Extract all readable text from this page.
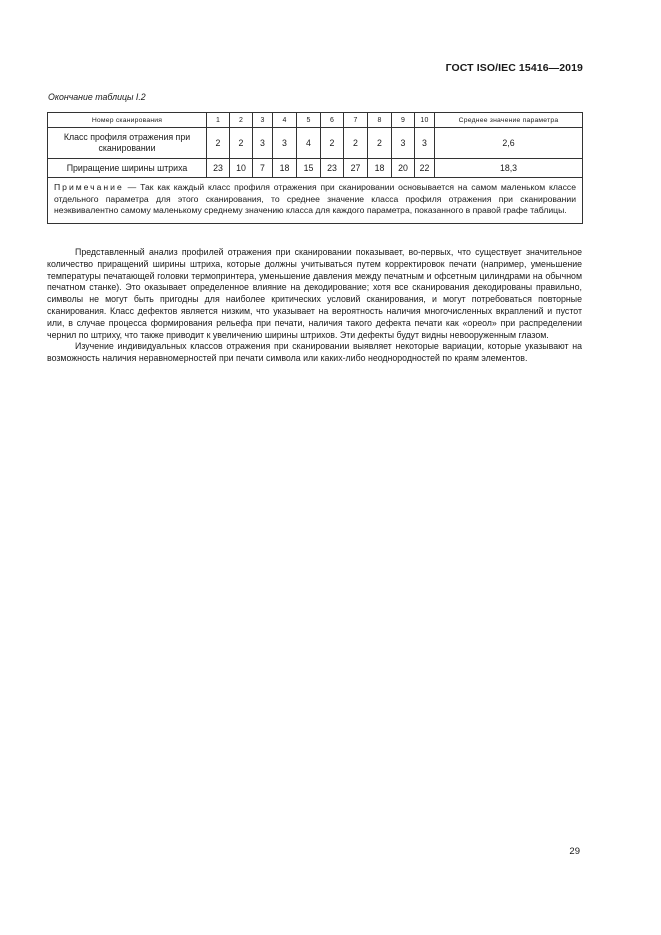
ГОСТ ISO/IEC 15416—2019
Окончание таблицы I.2
Номер сканирования	1	2	3	4	5	6	7	8	9	10	Среднее значение параметра
Класс профиля отражения при сканировании	2	2	3	3	4	2	2	2	3	3	2,6
Приращение ширины штриха	23	10	7	18	15	23	27	18	20	22	18,3
Примечание — Так как каждый класс профиля отражения при сканировании основывается на самом маленьком классе отдельного параметра для этого сканирования, то среднее значение класса профиля отражения при сканировании неэквивалентно самому маленькому среднему значению класса для каждого параметра, показанного в правой графе таблицы.											

Представленный анализ профилей отражения при сканировании показывает, во-первых, что существует значительное количество приращений ширины штриха, которые должны учитываться путем корректировок печати (например, уменьшение температуры печатающей головки термопринтера, уменьшение давления между печатным и офсетным цилиндрами на обычном печатном станке). Это оказывает определенное влияние на декодирование; хотя все сканирования декодированы правильно, символы не могут быть пригодны для наиболее критических условий сканирования, и могут потребоваться повторные сканирования. Класс дефектов является низким, что указывает на вероятность наличия многочисленных вкраплений и пустот или, в случае процесса формирования рельефа при печати, наличия такого дефекта печати как «ореол» при распределении чернил по штриху, что также приводит к увеличению ширины штрихов. Эти дефекты будут видны невооруженным глазом.

Изучение индивидуальных классов отражения при сканировании выявляет некоторые вариации, которые указывают на возможность наличия неравномерностей при печати символа или каких-либо неоднородностей по краям элементов.

29
